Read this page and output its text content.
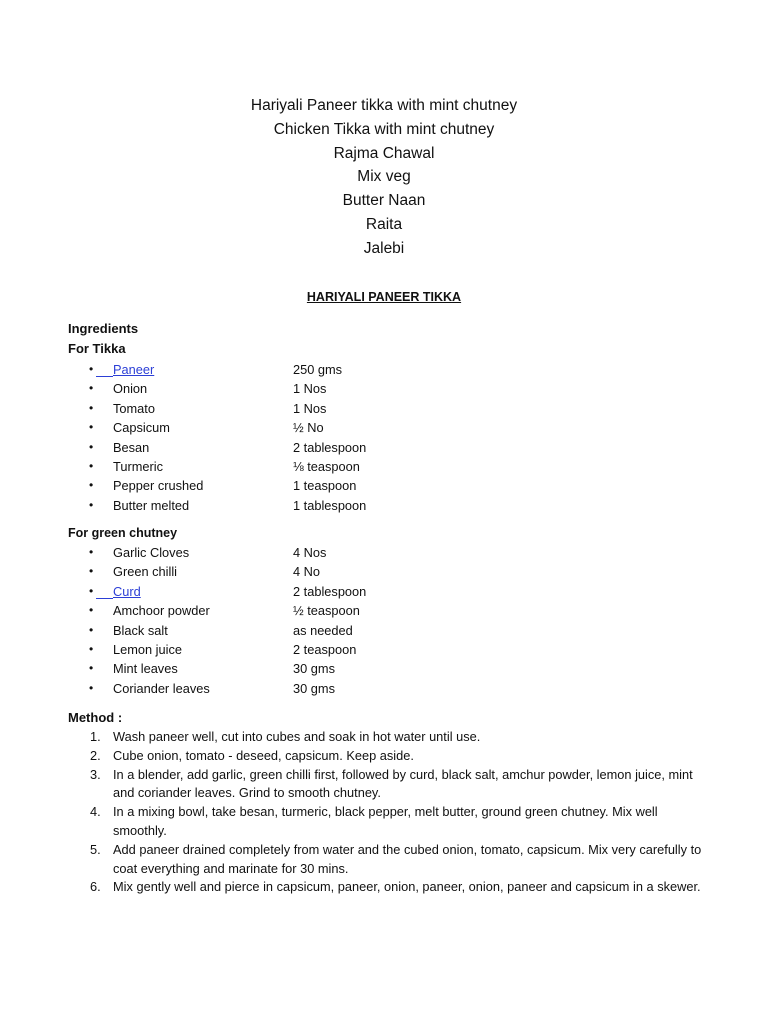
Hariyali Paneer tikka with mint chutney
Chicken Tikka with mint chutney
Rajma Chawal
Mix veg
Butter Naan
Raita
Jalebi
HARIYALI PANEER TIKKA
Ingredients
For Tikka
• Paneer	250 gms
• Onion	1 Nos
• Tomato	1 Nos
• Capsicum	½ No
• Besan	2 tablespoon
• Turmeric	⅛ teaspoon
• Pepper crushed	1 teaspoon
• Butter melted	1 tablespoon
For green chutney
• Garlic Cloves	4 Nos
• Green chilli	4 No
• Curd	2 tablespoon
• Amchoor powder	½ teaspoon
• Black salt	as needed
• Lemon juice	2 teaspoon
• Mint leaves	30 gms
• Coriander leaves	30 gms
Method :
1. Wash paneer well, cut into cubes and soak in hot water until use.
2. Cube onion, tomato - deseed, capsicum. Keep aside.
3. In a blender, add garlic, green chilli first, followed by curd, black salt, amchur powder, lemon juice, mint and coriander leaves. Grind to smooth chutney.
4. In a mixing bowl, take besan, turmeric, black pepper, melt butter, ground green chutney. Mix well smoothly.
5. Add paneer drained completely from water and the cubed onion, tomato, capsicum. Mix very carefully to coat everything and marinate for 30 mins.
6. Mix gently well and pierce in capsicum, paneer, onion, paneer, onion, paneer and capsicum in a skewer.
